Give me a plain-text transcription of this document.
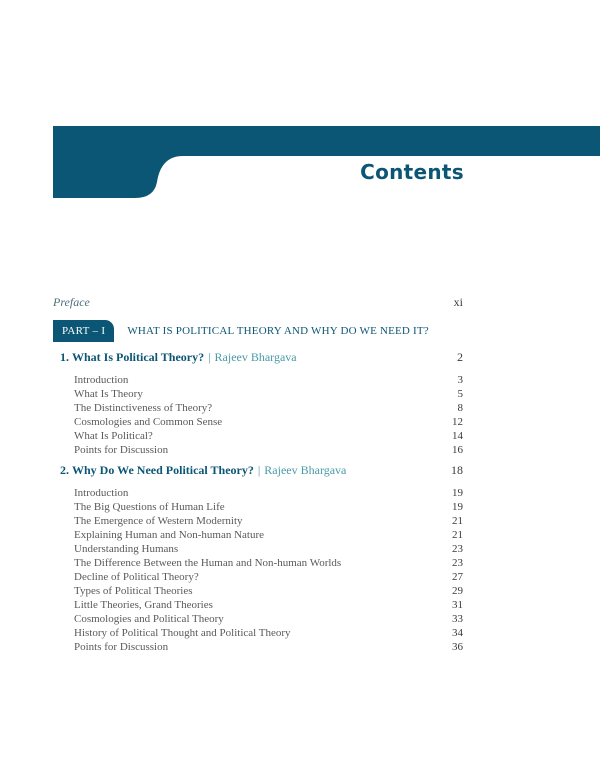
Contents
Preface	xi
PART – I	WHAT IS POLITICAL THEORY AND WHY DO WE NEED IT?
1. What Is Political Theory? | Rajeev Bhargava	2
Introduction	3
What Is Theory	5
The Distinctiveness of Theory?	8
Cosmologies and Common Sense	12
What Is Political?	14
Points for Discussion	16
2. Why Do We Need Political Theory? | Rajeev Bhargava	18
Introduction	19
The Big Questions of Human Life	19
The Emergence of Western Modernity	21
Explaining Human and Non-human Nature	21
Understanding Humans	23
The Difference Between the Human and Non-human Worlds	23
Decline of Political Theory?	27
Types of Political Theories	29
Little Theories, Grand Theories	31
Cosmologies and Political Theory	33
History of Political Thought and Political Theory	34
Points for Discussion	36
